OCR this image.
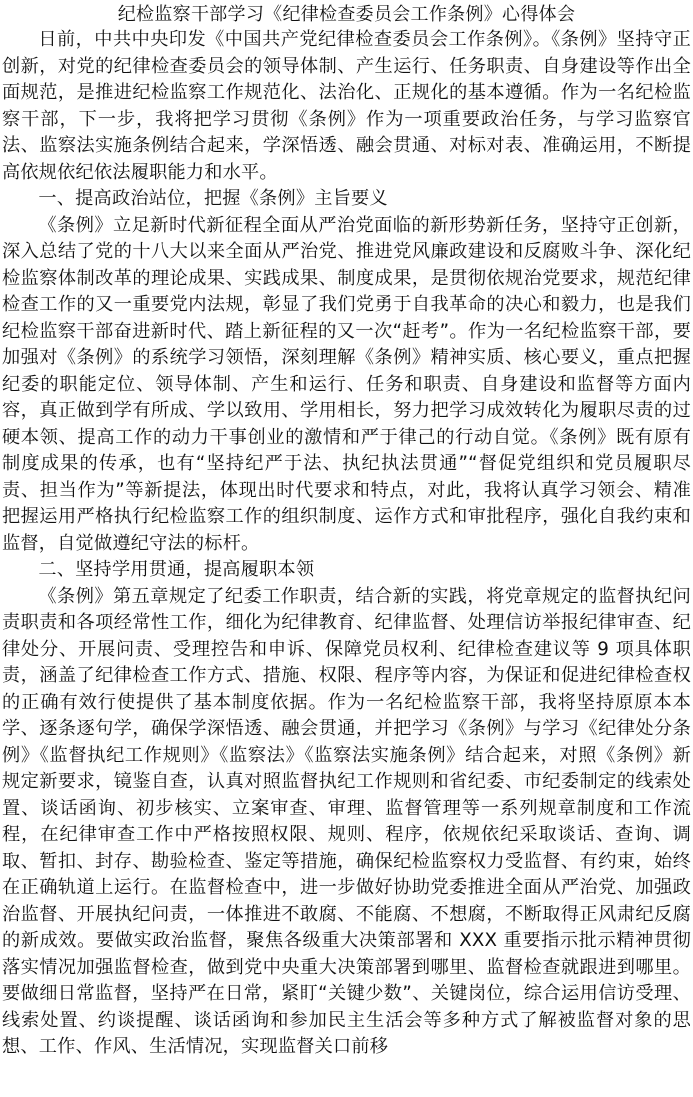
纪检监察干部学习《纪律检查委员会工作条例》心得体会

日前，中共中央印发《中国共产党纪律检查委员会工作条例》。《条例》坚持守正创新，对党的纪律检查委员会的领导体制、产生运行、任务职责、自身建设等作出全面规范，是推进纪检监察工作规范化、法治化、正规化的基本遵循。作为一名纪检监察干部，下一步，我将把学习贯彻《条例》作为一项重要政治任务，与学习监察官法、监察法实施条例结合起来，学深悟透、融会贯通、对标对表、准确运用，不断提高依规依纪依法履职能力和水平。

一、提高政治站位，把握《条例》主旨要义

《条例》立足新时代新征程全面从严治党面临的新形势新任务，坚持守正创新，深入总结了党的十八大以来全面从严治党、推进党风廉政建设和反腐败斗争、深化纪检监察体制改革的理论成果、实践成果、制度成果，是贯彻依规治党要求，规范纪律检查工作的又一重要党内法规，彰显了我们党勇于自我革命的决心和毅力，也是我们纪检监察干部奋进新时代、踏上新征程的又一次“赶考”。作为一名纪检监察干部，要加强对《条例》的系统学习领悟，深刻理解《条例》精神实质、核心要义，重点把握纪委的职能定位、领导体制、产生和运行、任务和职责、自身建设和监督等方面内容，真正做到学有所成、学以致用、学用相长，努力把学习成效转化为履职尽责的过硬本领、提高工作的动力干事创业的激情和严于律己的行动自觉。《条例》既有原有制度成果的传承，也有“坚持纪严于法、执纪执法贯通”“督促党组织和党员履职尽责、担当作为”等新提法，体现出时代要求和特点，对此，我将认真学习领会、精准把握运用严格执行纪检监察工作的组织制度、运作方式和审批程序，强化自我约束和监督，自觉做遵纪守法的标杆。

二、坚持学用贯通，提高履职本领

《条例》第五章规定了纪委工作职责，结合新的实践，将党章规定的监督执纪问责职责和各项经常性工作，细化为纪律教育、纪律监督、处理信访举报纪律审查、纪律处分、开展问责、受理控告和申诉、保障党员权利、纪律检查建议等 9 项具体职责，涵盖了纪律检查工作方式、措施、权限、程序等内容，为保证和促进纪律检查权的正确有效行使提供了基本制度依据。作为一名纪检监察干部，我将坚持原原本本学、逐条逐句学，确保学深悟透、融会贯通，并把学习《条例》与学习《纪律处分条例》《监督执纪工作规则》《监察法》《监察法实施条例》结合起来，对照《条例》新规定新要求，镜鉴自查，认真对照监督执纪工作规则和省纪委、市纪委制定的线索处置、谈话函询、初步核实、立案审查、审理、监督管理等一系列规章制度和工作流程，在纪律审查工作中严格按照权限、规则、程序，依规依纪采取谈话、查询、调取、暂扣、封存、勘验检查、鉴定等措施，确保纪检监察权力受监督、有约束，始终在正确轨道上运行。在监督检查中，进一步做好协助党委推进全面从严治党、加强政治监督、开展执纪问责，一体推进不敢腐、不能腐、不想腐，不断取得正风肃纪反腐的新成效。要做实政治监督，聚焦各级重大决策部署和 XXX 重要指示批示精神贯彻落实情况加强监督检查，做到党中央重大决策部署到哪里、监督检查就跟进到哪里。要做细日常监督，坚持严在日常，紧盯“关键少数”、关键岗位，综合运用信访受理、线索处置、约谈提醒、谈话函询和参加民主生活会等多种方式了解被监督对象的思想、工作、作风、生活情况，实现监督关口前移
